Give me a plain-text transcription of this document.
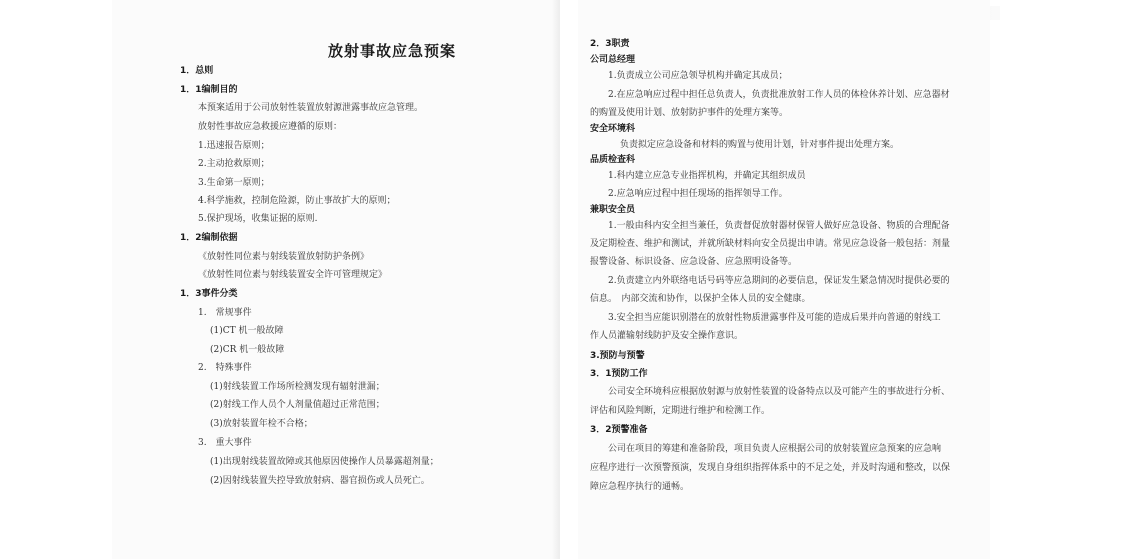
放射事故应急预案
1．总则
1．1编制目的
本预案适用于公司放射性装置放射源泄露事故应急管理。
放射性事故应急救援应遵循的原则：
1.迅速报告原则；
2.主动抢救原则；
3.生命第一原则；
4.科学施救，控制危险源，防止事故扩大的原则；
5.保护现场，收集证据的原则.
1．2编制依据
《放射性同位素与射线装置放射防护条例》
《放射性同位素与射线装置安全许可管理规定》
1．3事件分类
1.　常规事件
(1)CT 机一般故障
(2)CR 机一般故障
2.　特殊事件
(1)射线装置工作场所检测发现有辐射泄漏；
(2)射线工作人员个人剂量值超过正常范围；
(3)放射装置年检不合格；
3.　重大事件
(1)出现射线装置故障或其他原因使操作人员暴露超剂量；
(2)因射线装置失控导致放射病、器官损伤或人员死亡。
2．3职责
公司总经理
1.负责成立公司应急领导机构并确定其成员；
2.在应急响应过程中担任总负责人，负责批准放射工作人员的体检休养计划、应急器材
的购置及使用计划、放射防护事件的处理方案等。
安全环境科
负责拟定应急设备和材料的购置与使用计划，针对事件提出处理方案。
品质检查科
1.科内建立应急专业指挥机构，并确定其组织成员
2.应急响应过程中担任现场的指挥领导工作。
兼职安全员
1.一般由科内安全担当兼任，负责督促放射器材保管人做好应急设备、物质的合理配备
及定期检查、维护和测试，并就所缺材料向安全员提出申请。常见应急设备一般包括：剂量
报警设备、标识设备、应急设备、应急照明设备等。
2.负责建立内外联络电话号码等应急期间的必要信息，保证发生紧急情况时提供必要的
信息。　内部交流和协作，以保护全体人员的安全健康。
3.安全担当应能识别潜在的放射性物质泄露事件及可能的造成后果并向普通的射线工
作人员灌输射线防护及安全操作意识。
3.预防与预警
3．1预防工作
公司安全环境科应根据放射源与放射性装置的设备特点以及可能产生的事故进行分析、
评估和风险判断，定期进行维护和检测工作。
3．2预警准备
公司在项目的筹建和准备阶段，项目负责人应根据公司的放射装置应急预案的应急响
应程序进行一次预警预演，发现自身组织指挥体系中的不足之处，并及时沟通和整改，以保
障应急程序执行的通畅。
